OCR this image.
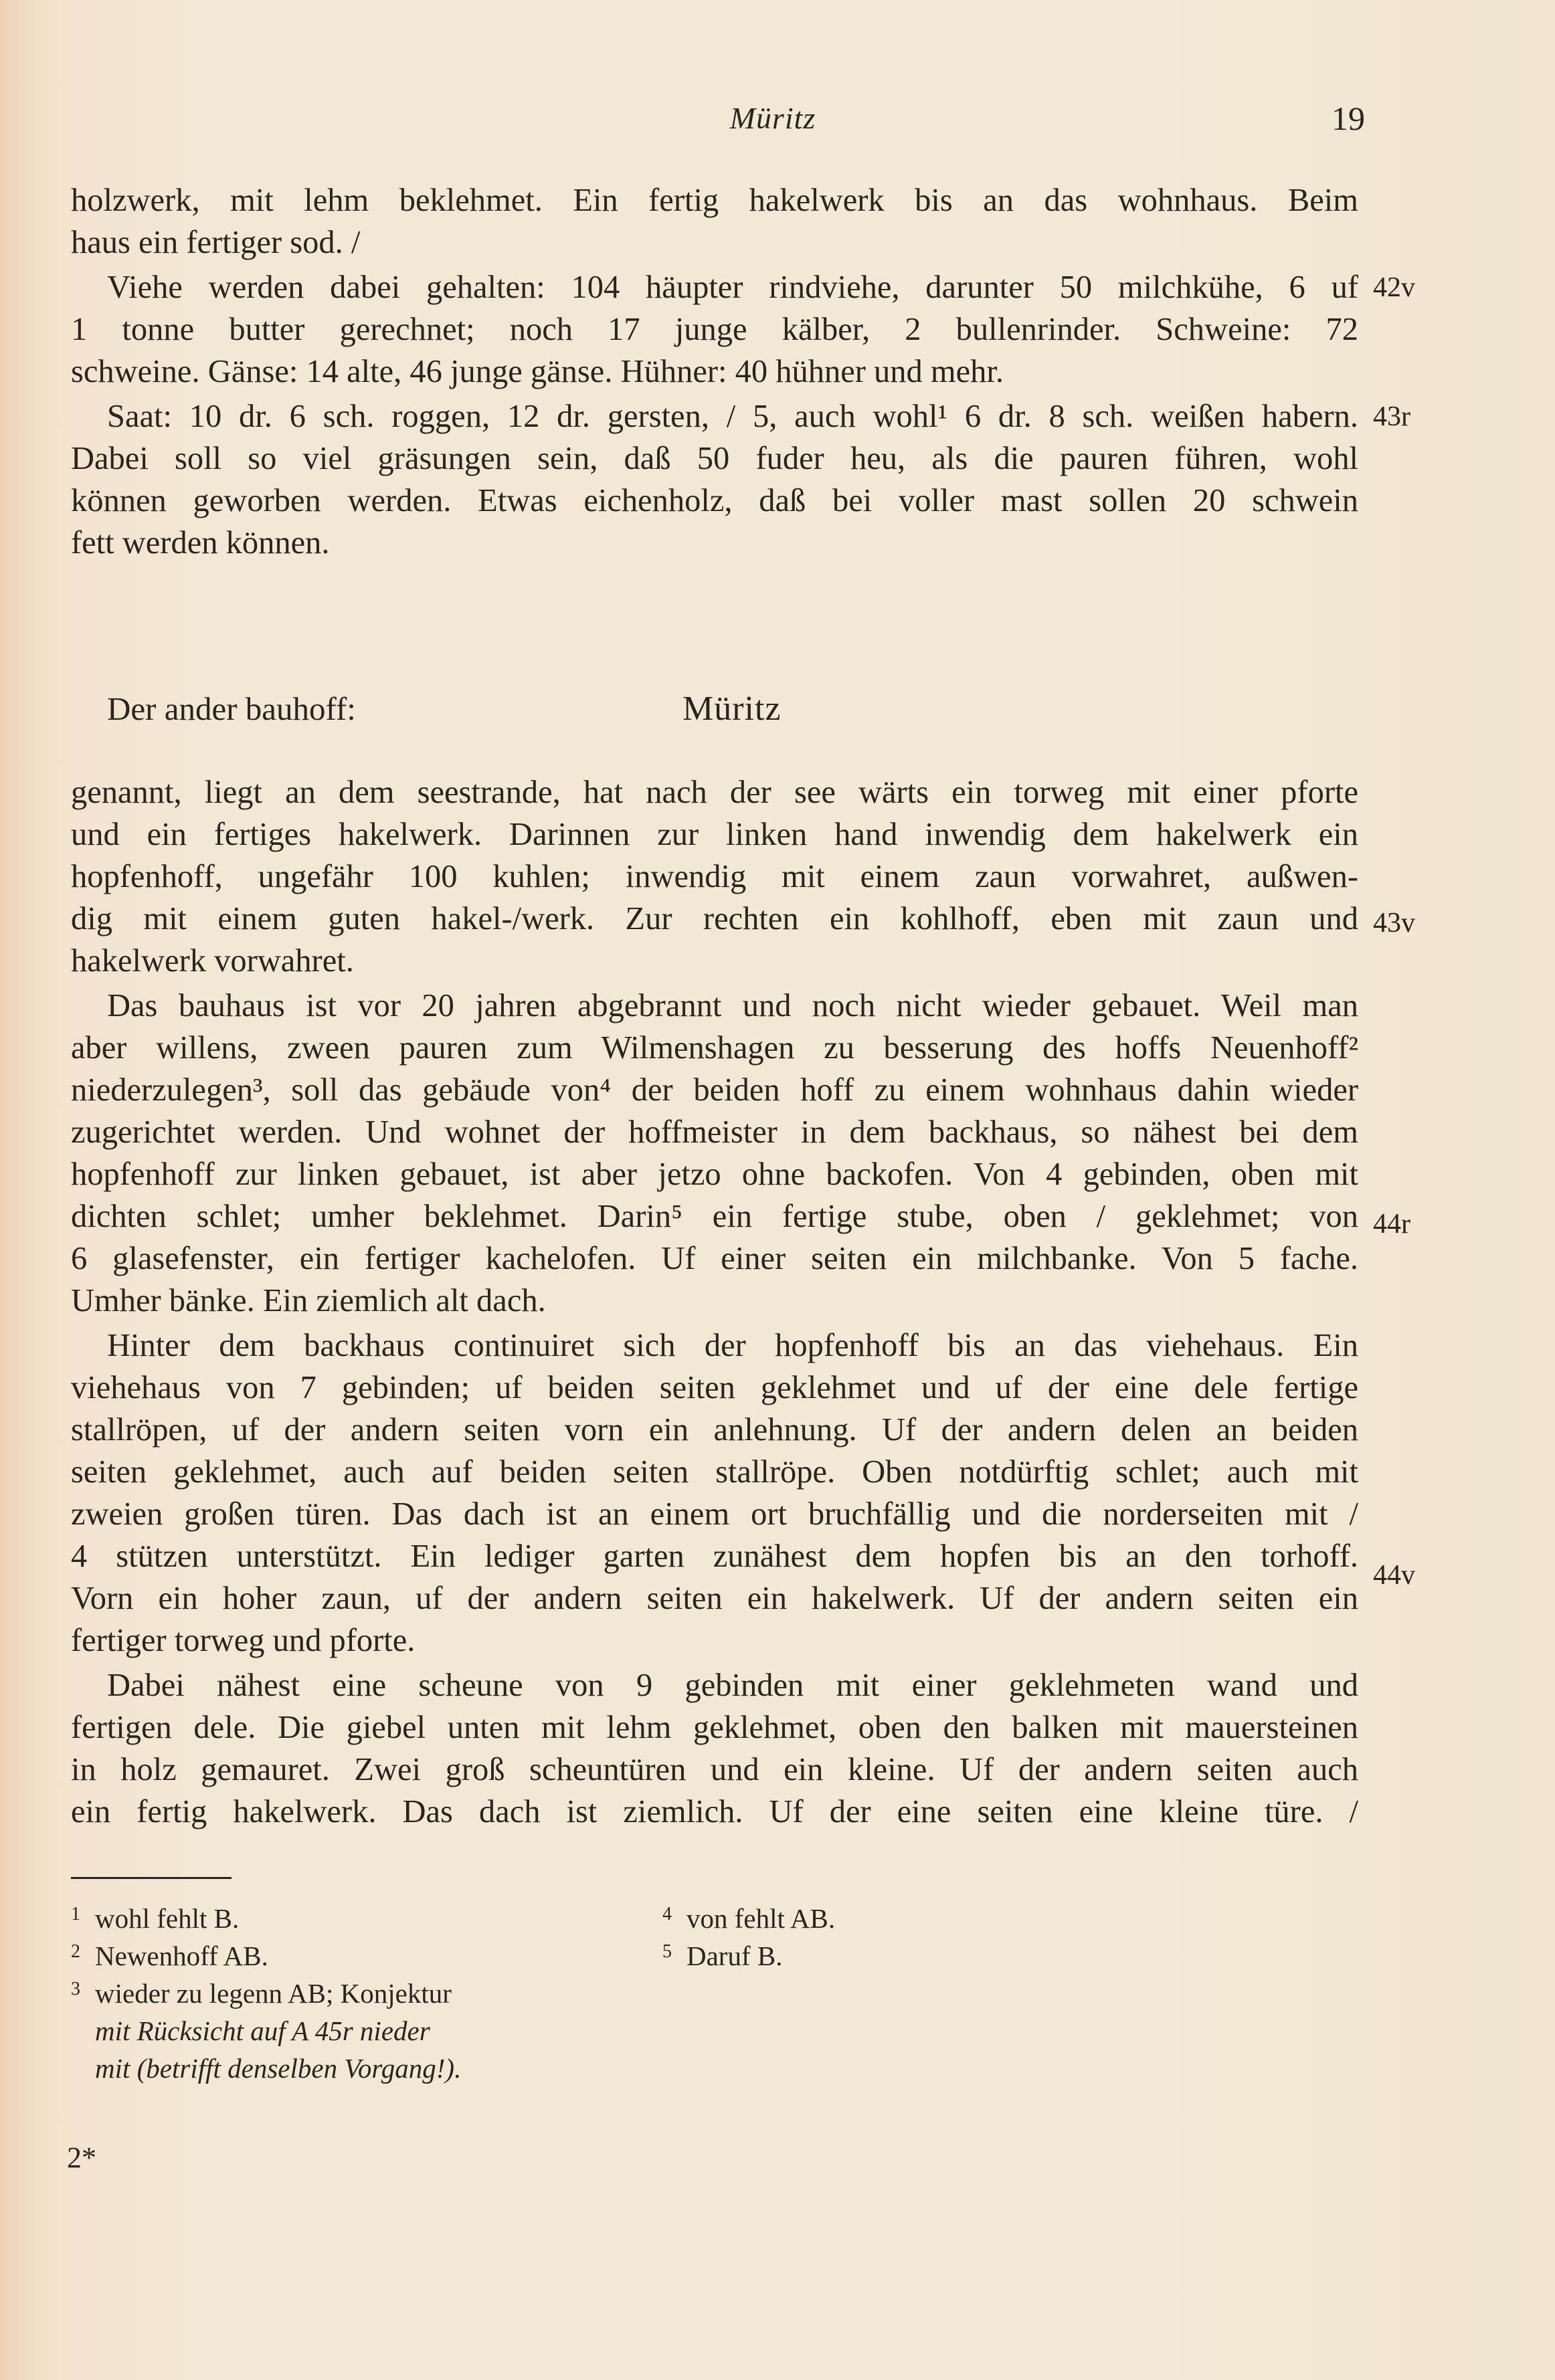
Müritz	19
holzwerk, mit lehm beklehmet. Ein fertig hakelwerk bis an das wohnhaus. Beim
haus ein fertiger sod. /
Viehe werden dabei gehalten: 104 häupter rindviehe, darunter 50 milchkühe, 6 uf
1 tonne butter gerechnet; noch 17 junge kälber, 2 bullenrinder. Schweine: 72
schweine. Gänse: 14 alte, 46 junge gänse. Hühner: 40 hühner und mehr.
Saat: 10 dr. 6 sch. roggen, 12 dr. gersten, / 5, auch wohl¹ 6 dr. 8 sch. weißen habern.
Dabei soll so viel gräsungen sein, daß 50 fuder heu, als die pauren führen, wohl
können geworben werden. Etwas eichenholz, daß bei voller mast sollen 20 schwein
fett werden können.
42v
43r
43v
44r
44v
Der ander bauhoff:	Müritz
genannt, liegt an dem seestrande, hat nach der see wärts ein torweg mit einer pforte
und ein fertiges hakelwerk. Darinnen zur linken hand inwendig dem hakelwerk ein
hopfenhoff, ungefähr 100 kuhlen; inwendig mit einem zaun vorwahret, außwen-
dig mit einem guten hakel-/werk. Zur rechten ein kohlhoff, eben mit zaun und
hakelwerk vorwahret.
Das bauhaus ist vor 20 jahren abgebrannt und noch nicht wieder gebauet. Weil man
aber willens, zween pauren zum Wilmenshagen zu besserung des hoffs Neuenhoff²
niederzulegen³, soll das gebäude von⁴ der beiden hoff zu einem wohnhaus dahin wieder
zugerichtet werden. Und wohnet der hoffmeister in dem backhaus, so nähest bei dem
hopfenhoff zur linken gebauet, ist aber jetzo ohne backofen. Von 4 gebinden, oben mit
dichten schlet; umher beklehmet. Darin⁵ ein fertige stube, oben / geklehmet; von
6 glasefenster, ein fertiger kachelofen. Uf einer seiten ein milchbanke. Von 5 fache.
Umher bänke. Ein ziemlich alt dach.
Hinter dem backhaus continuiret sich der hopfenhoff bis an das viehehaus. Ein
viehehaus von 7 gebinden; uf beiden seiten geklehmet und uf der eine dele fertige
stallröpen, uf der andern seiten vorn ein anlehnung. Uf der andern delen an beiden
seiten geklehmet, auch auf beiden seiten stallröpe. Oben notdürftig schlet; auch mit
zweien großen türen. Das dach ist an einem ort bruchfällig und die norderseiten mit /
4 stützen unterstützt. Ein lediger garten zunähest dem hopfen bis an den torhoff.
Vorn ein hoher zaun, uf der andern seiten ein hakelwerk. Uf der andern seiten ein
fertiger torweg und pforte.
Dabei nähest eine scheune von 9 gebinden mit einer geklehmeten wand und
fertigen dele. Die giebel unten mit lehm geklehmet, oben den balken mit mauersteinen
in holz gemauret. Zwei groß scheuntüren und ein kleine. Uf der andern seiten auch
ein fertig hakelwerk. Das dach ist ziemlich. Uf der eine seiten eine kleine türe. /
1 wohl fehlt B.
2 Newenhoff AB.
3 wieder zu legenn AB; Konjektur
mit Rücksicht auf A 45r nieder
mit (betrifft denselben Vorgang!).
4 von fehlt AB.
5 Daruf B.
2*
